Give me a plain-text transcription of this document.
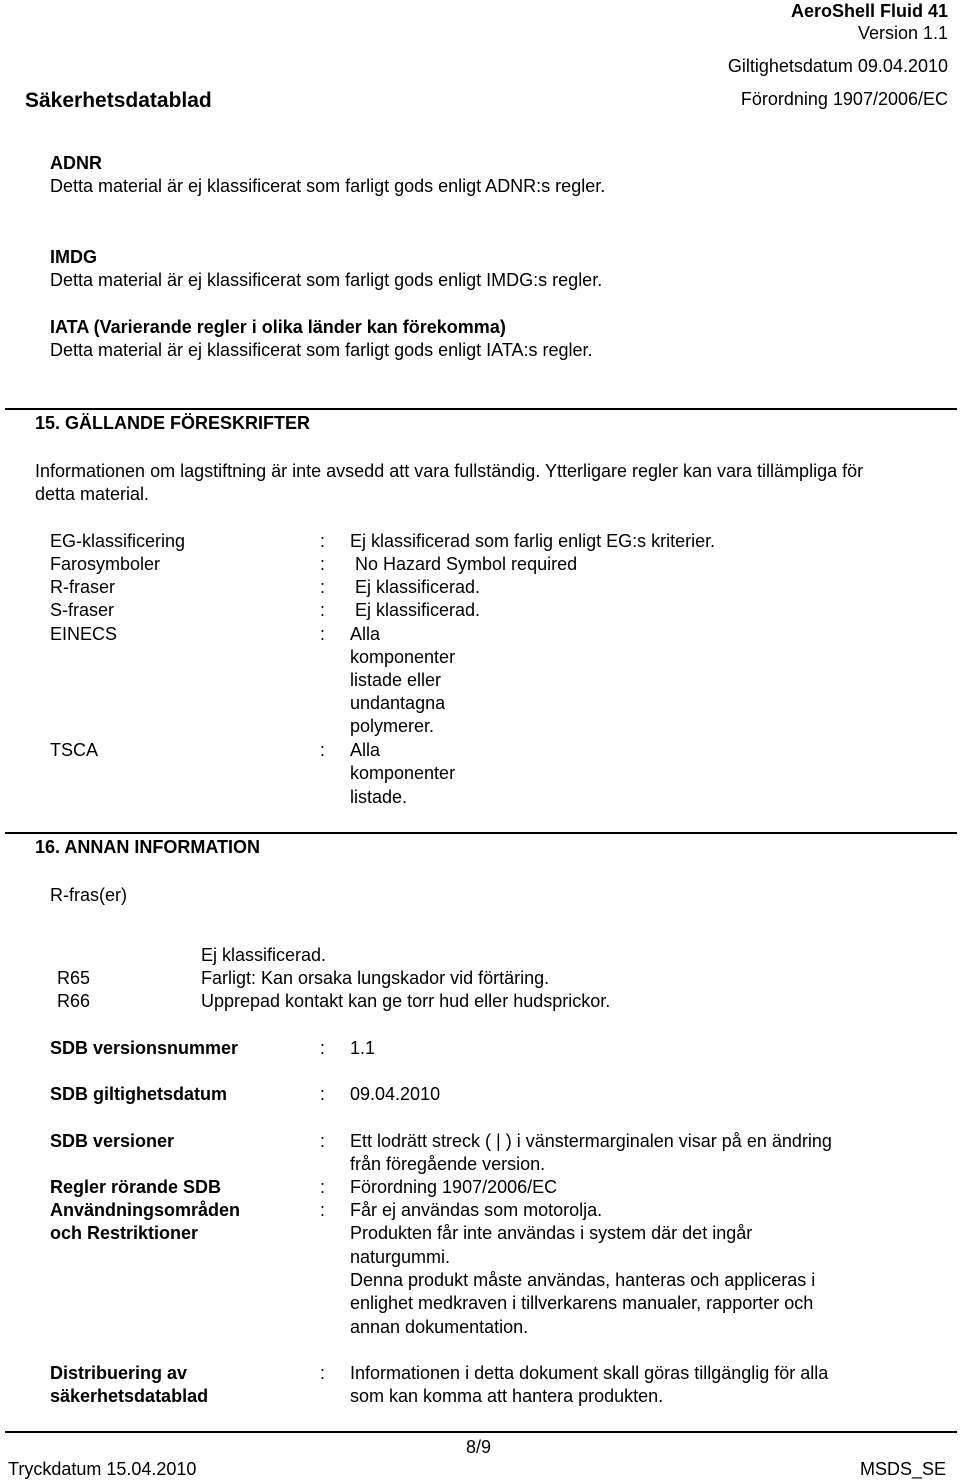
AeroShell Fluid 41
Version 1.1
Giltighetsdatum 09.04.2010
Säkerhetsdatablad	Förordning 1907/2006/EC
ADNR
Detta material är ej klassificerat som farligt gods enligt ADNR:s regler.
IMDG
Detta material är ej klassificerat som farligt gods enligt IMDG:s regler.
IATA (Varierande regler i olika länder kan förekomma)
Detta material är ej klassificerat som farligt gods enligt IATA:s regler.
15. GÄLLANDE FÖRESKRIFTER
Informationen om lagstiftning är inte avsedd att vara fullständig. Ytterligare regler kan vara tillämpliga för
detta material.
EG-klassificering	: Ej klassificerad som farlig enligt EG:s kriterier.
Farosymboler	: No Hazard Symbol required
R-fraser	: Ej klassificerad.
S-fraser	: Ej klassificerad.
EINECS	: Alla
komponenter
listade eller
undantagna
polymerer.
TSCA	: Alla
komponenter
listade.
16. ANNAN INFORMATION
R-fras(er)
Ej klassificerad.
R65	Farligt: Kan orsaka lungskador vid förtäring.
R66	Upprepad kontakt kan ge torr hud eller hudsprickor.
SDB versionsnummer	: 1.1
SDB giltighetsdatum	: 09.04.2010
SDB versioner	: Ett lodrätt streck ( | ) i vänstermarginalen visar på en ändring
från föregående version.
Regler rörande SDB	: Förordning 1907/2006/EC
Användningsområden
och Restriktioner
: Får ej användas som motorolja.
Produkten får inte användas i system där det ingår
naturgummi.
Denna produkt måste användas, hanteras och appliceras i
enlighet medkraven i tillverkarens manualer, rapporter och
annan dokumentation.
Distribuering av
säkerhetsdatablad
: Informationen i detta dokument skall göras tillgänglig för alla
som kan komma att hantera produkten.
8/9
Tryckdatum 15.04.2010	MSDS_SE
